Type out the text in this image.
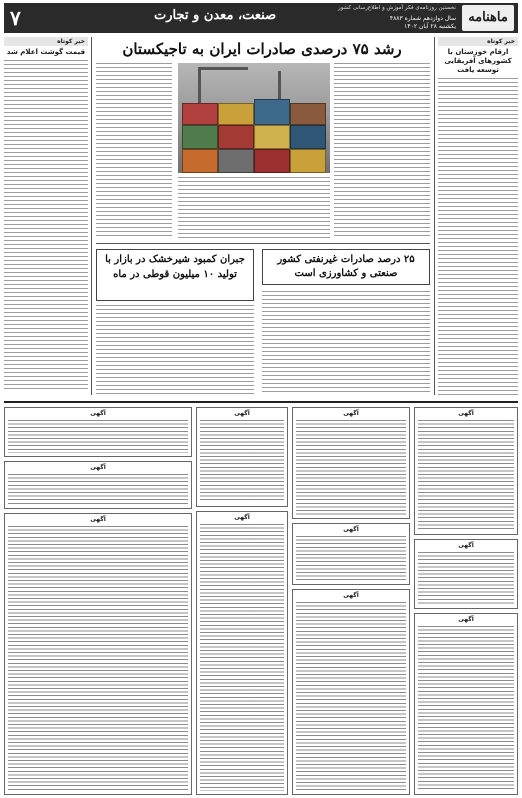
ماهنامه
نخستین روزنامه‌ی فکر آموزش و اطلاع‌رسانی کشور
سال دوازدهم شماره ۴۸۸۳
یکشنبه ۲۸ آبان ۱۴۰۲
صنعت، معدن و تجارت
۷
خبر کوتاه
ارقام خوزستان با کشورهای آفریقایی توسعه یافت
خبر کوتاه
قیمت گوشت اعلام شد	رشد ۷۵ درصدی صادرات ایران به تاجیکستان
۲۵ درصد صادرات غیرنفتی کشور صنعتی و کشاورزی است
جبران کمبود شیرخشک در بازار با تولید ۱۰ میلیون قوطی در ماه
آگهی
آگهی
آگهی
آگهی
آگهی
آگهی
آگهی
آگهی
آگهی
آگهی
آگهی
